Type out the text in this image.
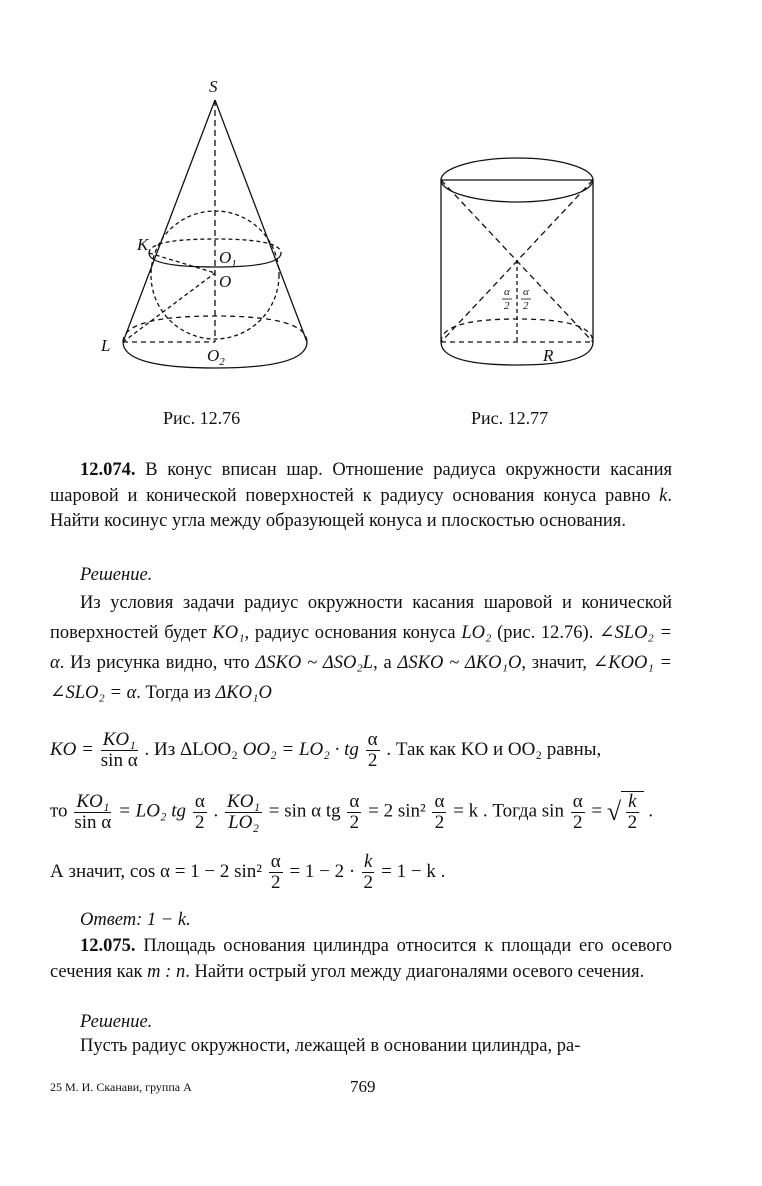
S
K
$O_1$
O
L
$O_2$
α
2
α
2
R
Рис. 12.76	Рис. 12.77
12.074. В конус вписан шар. Отношение радиуса окружности касания шаровой и конической поверхностей к радиусу основания конуса равно k. Найти косинус угла между образующей конуса и плоскостью основания.
Решение.
Из условия задачи радиус окружности касания шаровой и конической поверхностей будет KO₁, радиус основания конуса LO₂ (рис. 12.76). ∠SLO₂ = α. Из рисунка видно, что ΔSKO ~ ΔSO₂L, а ΔSKO ~ ΔKO₁O, значит, ∠KOO₁ = ∠SLO₂ = α. Тогда из ΔKO₁O
KO = $\frac{\text{KO₁}}{\text{sin α}}$ . Из ΔLOO₂ OO₂ = LO₂ · tg $\frac{\alpha}{2}$ . Так как KO и OO₂ равны,
то $\frac{\text{KO₁}}{\text{sin α}} = LO_2$ tg $\frac{\alpha}{2}$ . $\frac{\text{KO₁}}{\text{LO₂}} = \sin \alpha$ tg $\frac{\alpha}{2} = 2$ $\sin^2 \frac{\alpha}{2} = k$ . Тогда $\sin \frac{\alpha}{2}$ = √ $\frac{k}{2}$ .
А значит, cos α = 1 − 2 $\sin^2 \frac{\alpha}{2} = 1 - 2 \cdot \frac{k}{2} = 1 - k$ .
Ответ: 1 − k.
12.075. Площадь основания цилиндра относится к площади его осевого сечения как m : n. Найти острый угол между диагоналями осевого сечения.
Решение.
Пусть радиус окружности, лежащей в основании цилиндра, ра-
25 М. И. Сканави, группа А	769
